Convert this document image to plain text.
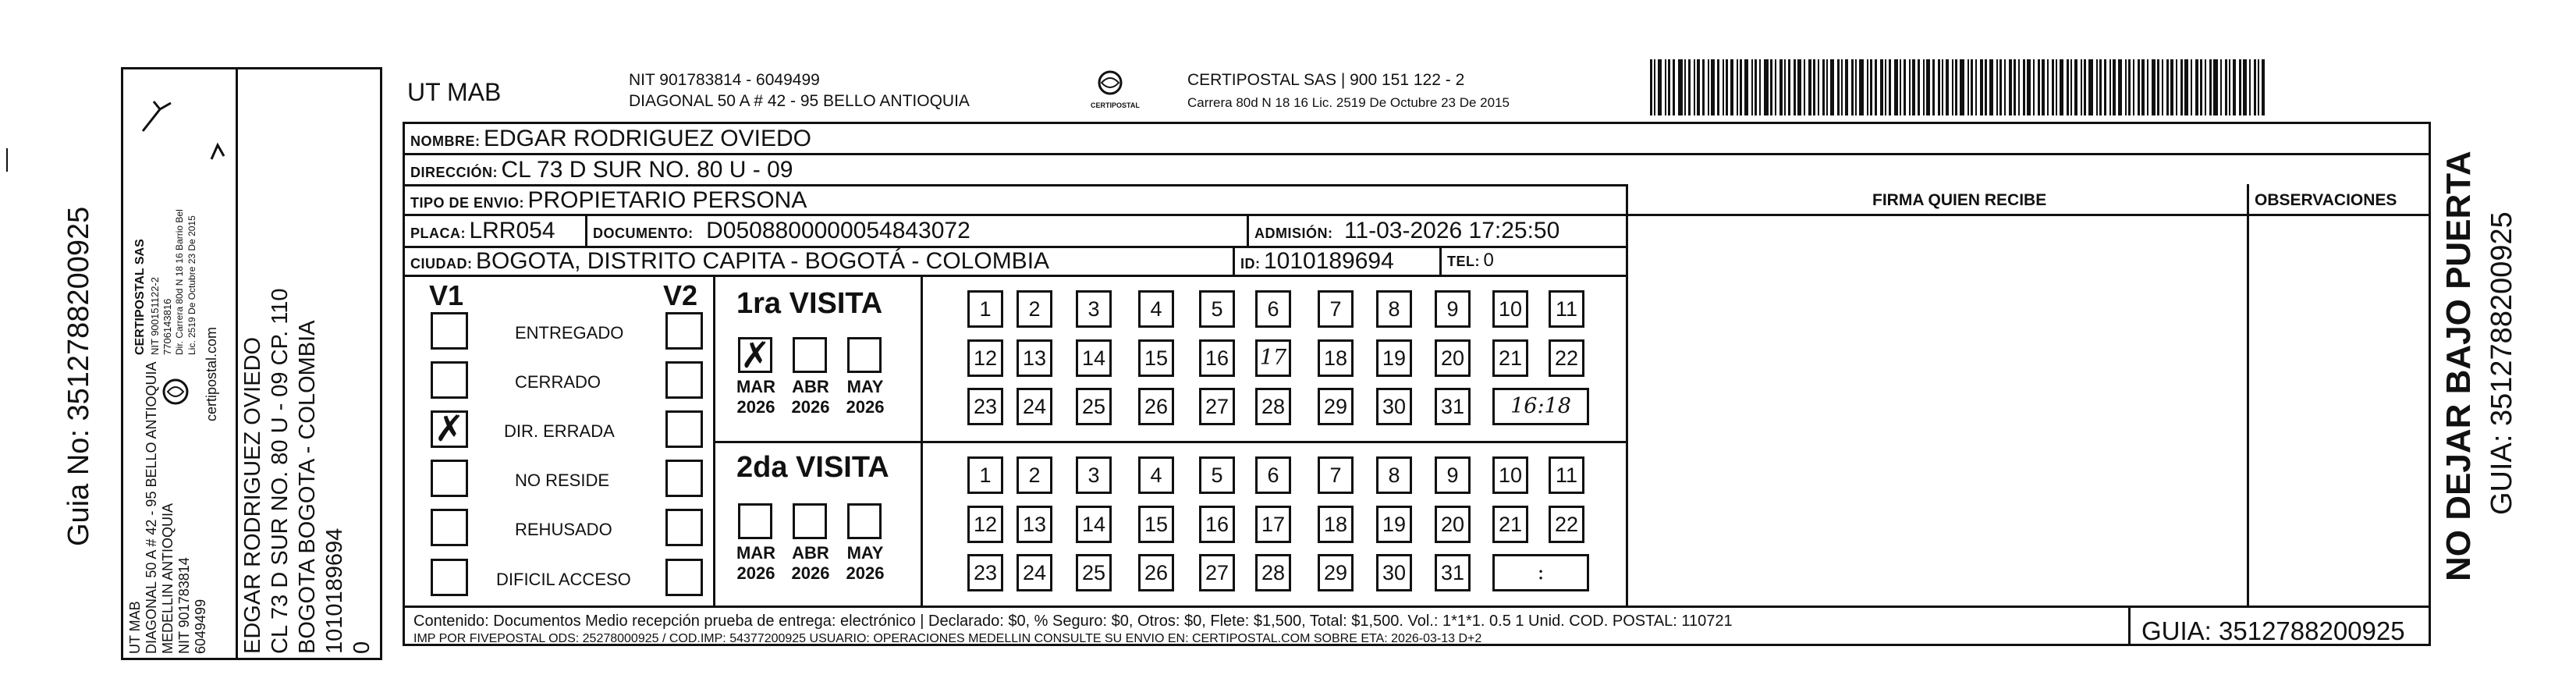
Guia No: 3512788200925
UT MAB DIAGONAL 50 A # 42 - 95 BELLO ANTIOQUIA MEDELLIN ANTIOQUIA NIT 901783814 6049499
CERTIPOSTAL SAS NIT 900151122-2 7706143816 Dir. Carrera 80d N 18 16 Barrio Bel Lic. 2519 De Octubre 23 De 2015
certipostal.com EDGAR RODRIGUEZ OVIEDO CL 73 D SUR NO. 80 U - 09 CP. 110 BOGOTA BOGOTA - COLOMBIA 1010189694 0
UT MAB	NIT 901783814 - 6049499
DIAGONAL 50 A # 42 - 95 BELLO ANTIOQUIA	CERTIPOSTAL
CERTIPOSTAL SAS | 900 151 122 - 2
Carrera 80d N 18 16 Lic. 2519 De Octubre 23 De 2015
NOMBRE: EDGAR RODRIGUEZ OVIEDO
DIRECCIÓN: CL 73 D SUR NO. 80 U - 09
TIPO DE ENVIO: PROPIETARIO PERSONA	FIRMA QUIEN RECIBE	OBSERVACIONES
PLACA: LRR054	DOCUMENTO: D0508800000054843072	ADMISIÓN: 11-03-2026 17:25:50
CIUDAD: BOGOTA, DISTRITO CAPITA - BOGOTÁ - COLOMBIA	ID: 1010189694	TEL: 0
V1	V2
ENTREGADO
CERRADO
✗ DIR. ERRADA
NO RESIDE
REHUSADO
DIFICIL ACCESO
1ra VISITA
2da VISITA
✗
MAR
2026
ABR
2026
MAY
2026
1	2	3	4	5	6	7	8	9	10	11
12 13 14 15 16 17 18 19 20 21 22
23 24 25 26 27 28 29 30 31	16:18
MAR
2026
ABR
2026
MAY
2026
1	2	3	4	5	6	7	8	9	10	11
12 13 14 15 16 17 18 19 20 21 22
23 24 25 26 27 28 29 30 31	:
Contenido: Documentos Medio recepción prueba de entrega: electrónico | Declarado: $0, % Seguro: $0, Otros: $0, Flete: $1,500, Total: $1,500. Vol.: 1*1*1. 0.5 1 Unid. COD. POSTAL: 110721
IMP POR FIVEPOSTAL ODS: 25278000925 / COD.IMP: 54377200925 USUARIO: OPERACIONES MEDELLIN CONSULTE SU ENVIO EN: CERTIPOSTAL.COM SOBRE ETA: 2026-03-13 D+2	GUIA: 3512788200925
NO DEJAR BAJO PUERTA GUIA: 3512788200925
